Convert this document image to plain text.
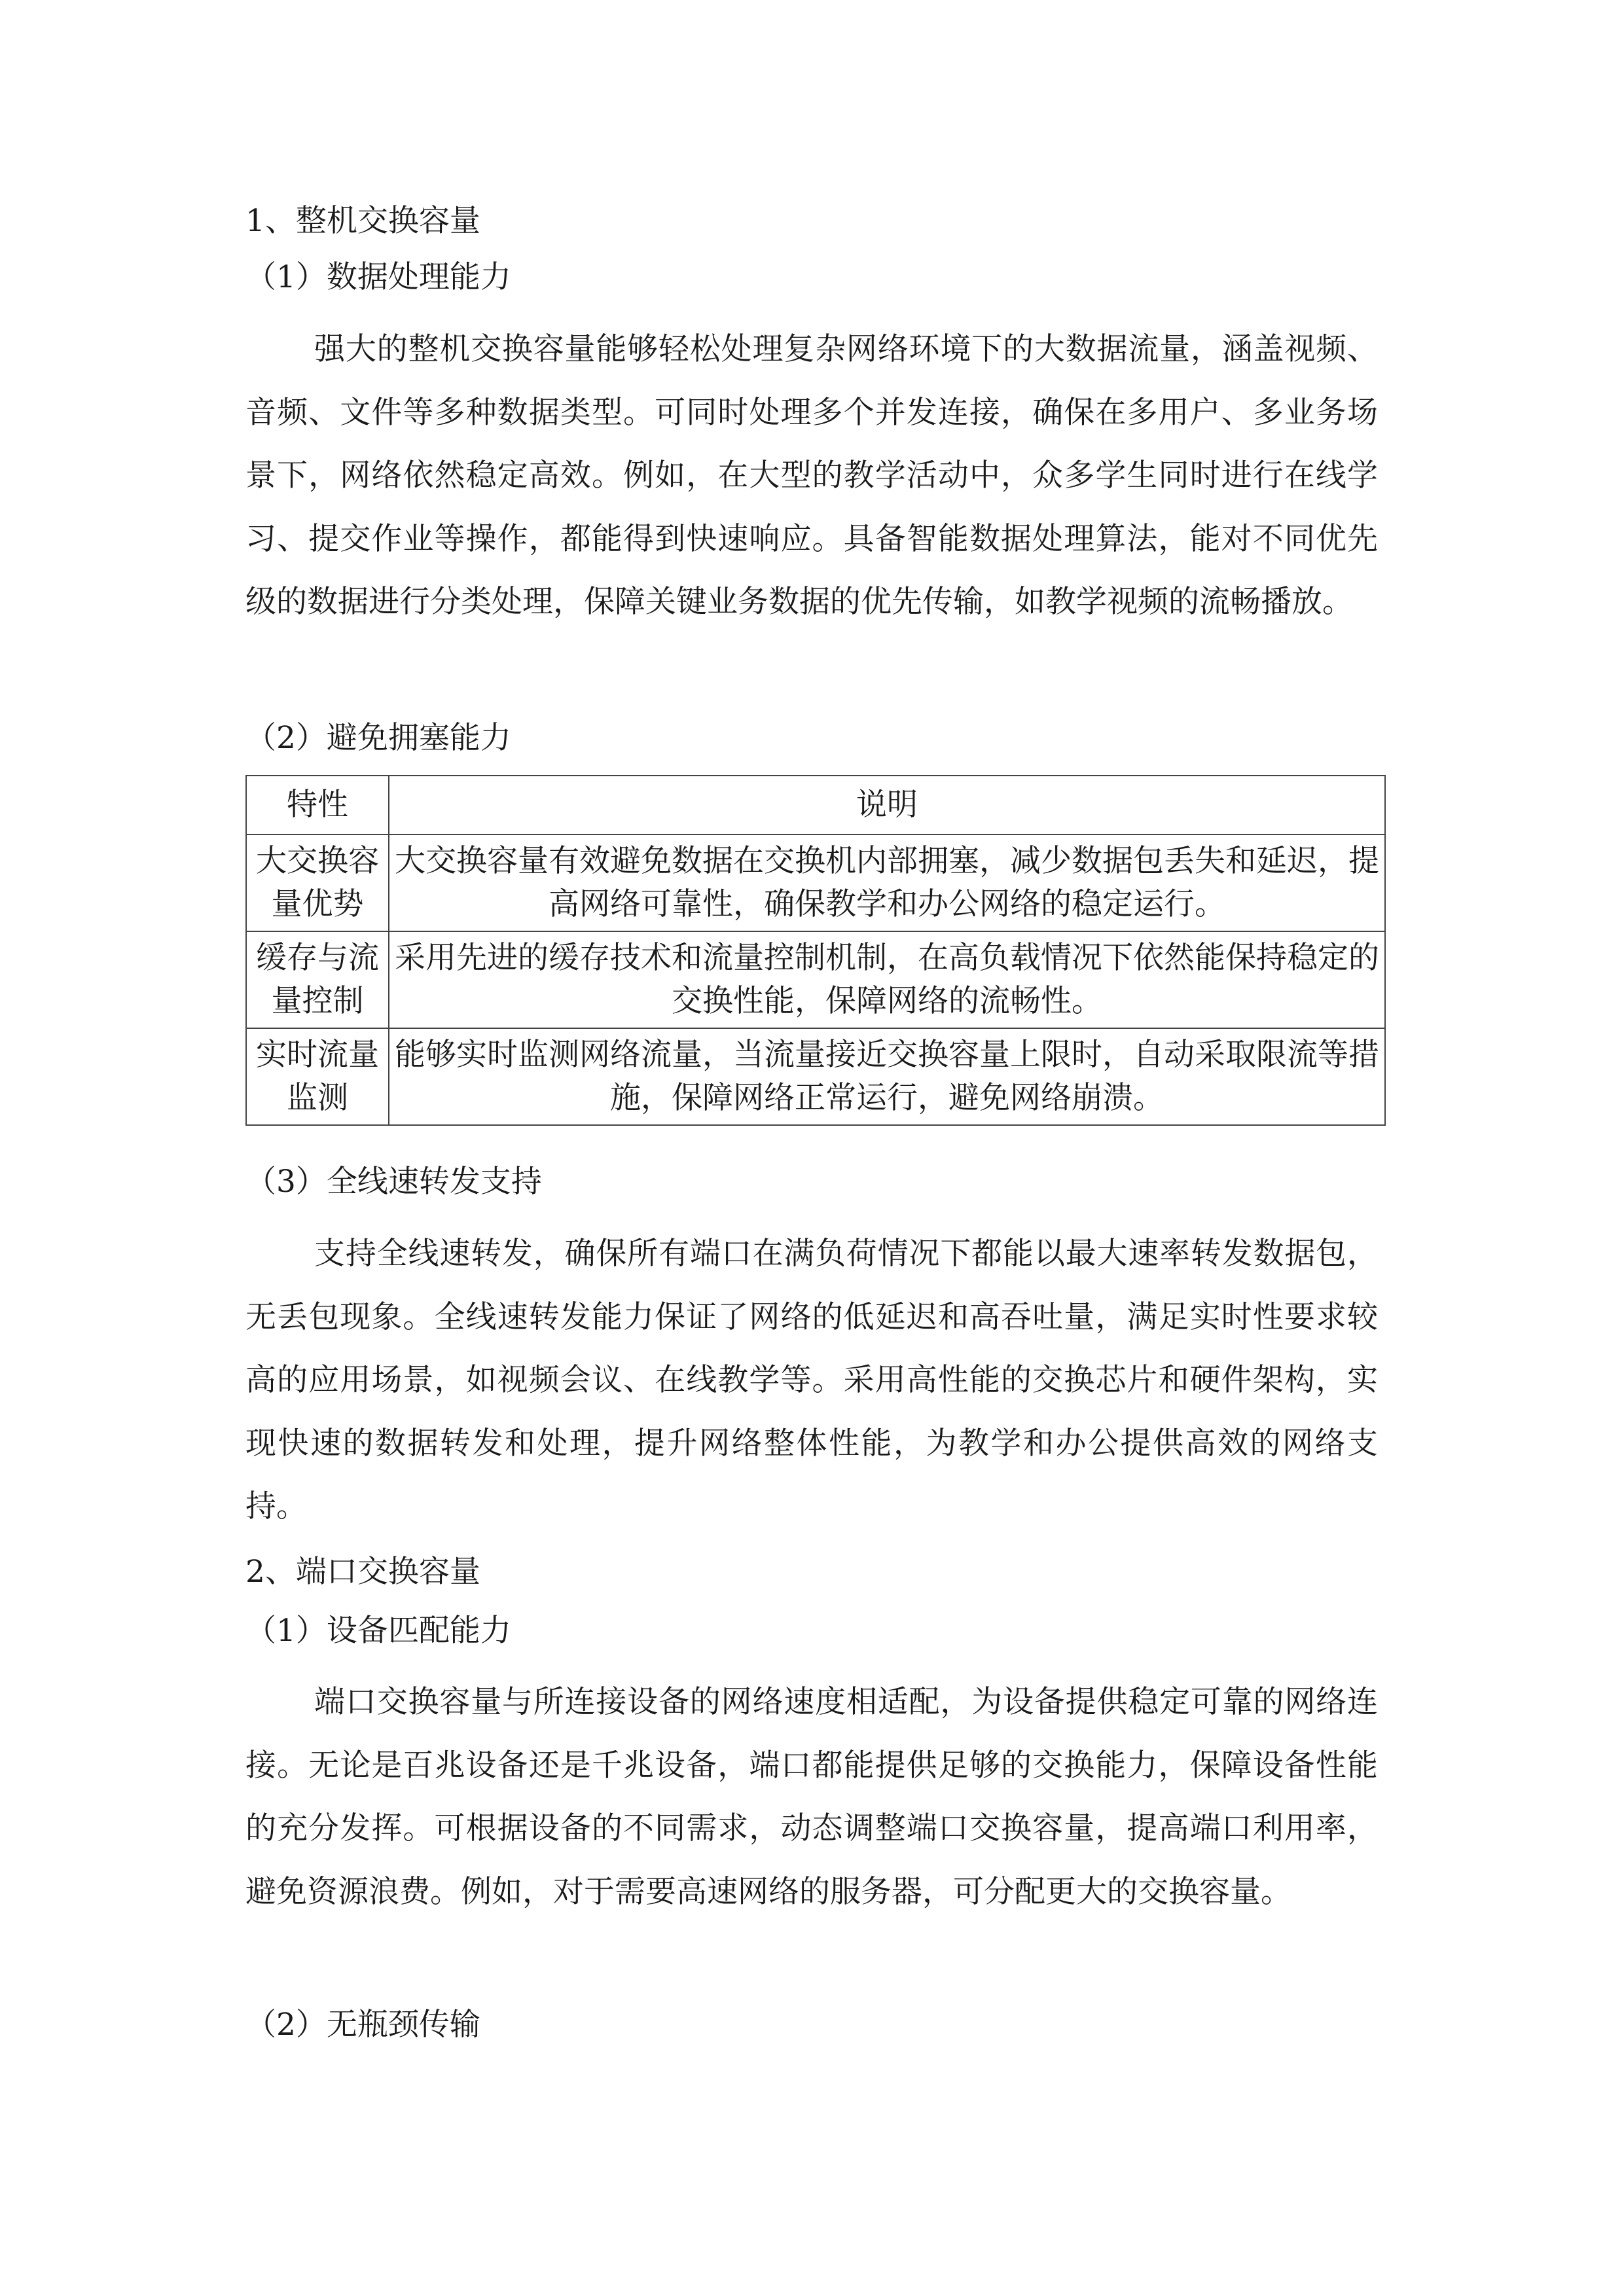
1、整机交换容量
（1）数据处理能力

强大的整机交换容量能够轻松处理复杂网络环境下的大数据流量，涵盖视频、音频、文件等多种数据类型。可同时处理多个并发连接，确保在多用户、多业务场景下，网络依然稳定高效。例如，在大型的教学活动中，众多学生同时进行在线学习、提交作业等操作，都能得到快速响应。具备智能数据处理算法，能对不同优先级的数据进行分类处理，保障关键业务数据的优先传输，如教学视频的流畅播放。

（2）避免拥塞能力
特性	说明
大交换容量优势	大交换容量有效避免数据在交换机内部拥塞，减少数据包丢失和延迟，提高网络可靠性，确保教学和办公网络的稳定运行。
缓存与流量控制	采用先进的缓存技术和流量控制机制，在高负载情况下依然能保持稳定的交换性能，保障网络的流畅性。
实时流量监测	能够实时监测网络流量，当流量接近交换容量上限时，自动采取限流等措施，保障网络正常运行，避免网络崩溃。
（3）全线速转发支持

支持全线速转发，确保所有端口在满负荷情况下都能以最大速率转发数据包，无丢包现象。全线速转发能力保证了网络的低延迟和高吞吐量，满足实时性要求较高的应用场景，如视频会议、在线教学等。采用高性能的交换芯片和硬件架构，实现快速的数据转发和处理，提升网络整体性能，为教学和办公提供高效的网络支持。

2、端口交换容量
（1）设备匹配能力

端口交换容量与所连接设备的网络速度相适配，为设备提供稳定可靠的网络连接。无论是百兆设备还是千兆设备，端口都能提供足够的交换能力，保障设备性能的充分发挥。可根据设备的不同需求，动态调整端口交换容量，提高端口利用率，避免资源浪费。例如，对于需要高速网络的服务器，可分配更大的交换容量。

（2）无瓶颈传输
